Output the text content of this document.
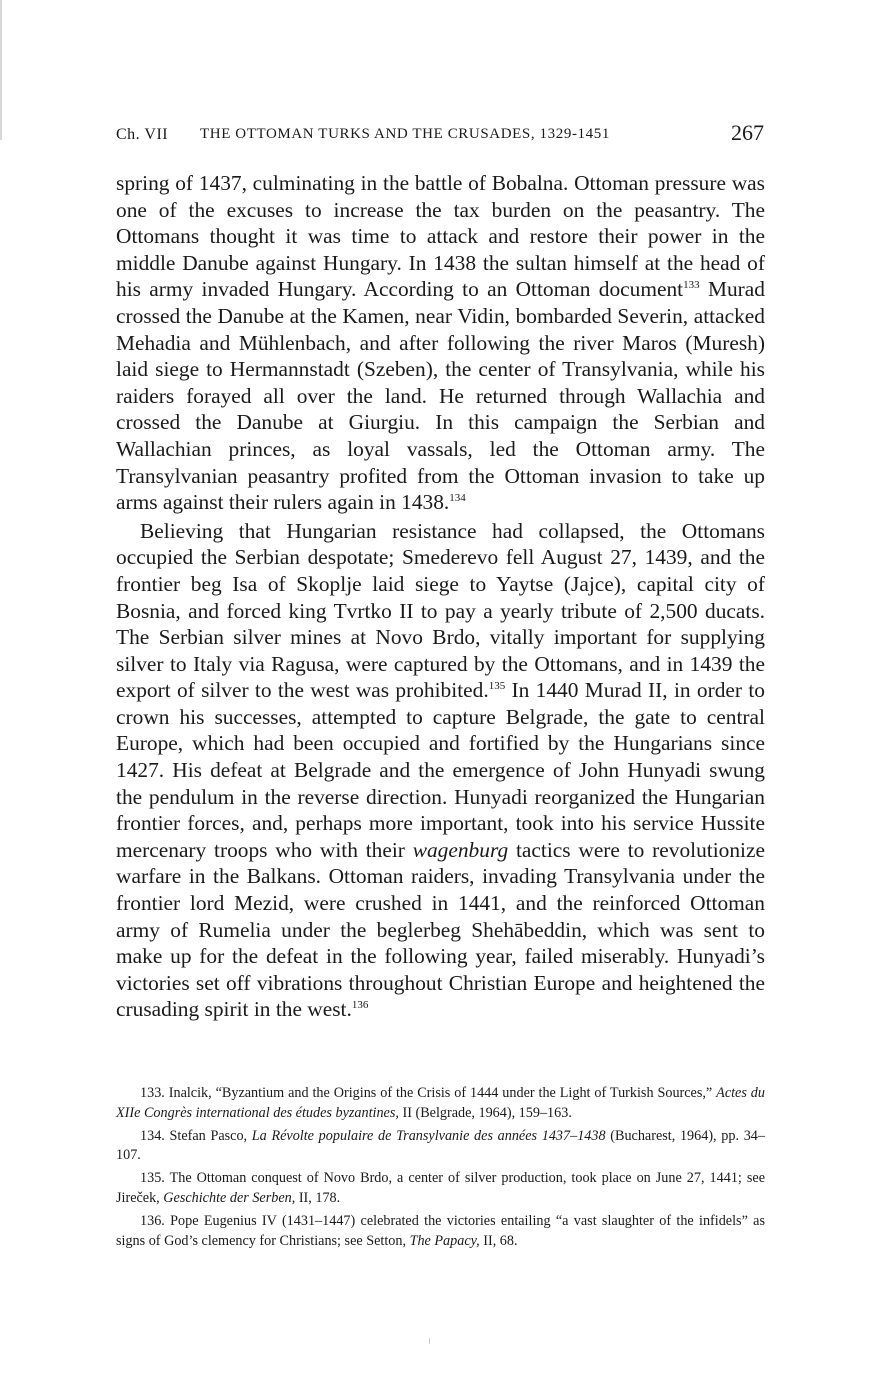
Ch. VII THE OTTOMAN TURKS AND THE CRUSADES, 1329-1451	267

spring of 1437, culminating in the battle of Bobalna. Ottoman pressure was one of the excuses to increase the tax burden on the peasantry. The Ottomans thought it was time to attack and restore their power in the middle Danube against Hungary. In 1438 the sultan himself at the head of his army invaded Hungary. According to an Ottoman document$^{133}$ Murad crossed the Danube at the Kamen, near Vidin, bombarded Severin, attacked Mehadia and Mühlenbach, and after following the river Maros (Muresh) laid siege to Hermannstadt (Szeben), the center of Transylvania, while his raiders forayed all over the land. He returned through Wallachia and crossed the Danube at Giurgiu. In this campaign the Serbian and Wallachian princes, as loyal vassals, led the Ottoman army. The Transylvanian peasantry profited from the Ottoman invasion to take up arms against their rulers again in 1438.$^{134}$

Believing that Hungarian resistance had collapsed, the Ottomans occupied the Serbian despotate; Smederevo fell August 27, 1439, and the frontier beg Isa of Skoplje laid siege to Yaytse (Jajce), capital city of Bosnia, and forced king Tvrtko II to pay a yearly tribute of 2,500 ducats. The Serbian silver mines at Novo Brdo, vitally important for supplying silver to Italy via Ragusa, were captured by the Ottomans, and in 1439 the export of silver to the west was prohibited.$^{135}$ In 1440 Murad II, in order to crown his successes, attempted to capture Belgrade, the gate to central Europe, which had been occupied and fortified by the Hungarians since 1427. His defeat at Belgrade and the emergence of John Hunyadi swung the pendulum in the reverse direction. Hunyadi reorganized the Hungarian frontier forces, and, perhaps more important, took into his service Hussite mercenary troops who with their wagenburg tactics were to revolutionize warfare in the Balkans. Ottoman raiders, invading Transylvania under the frontier lord Mezid, were crushed in 1441, and the reinforced Ottoman army of Rumelia under the beglerbeg Shehābeddin, which was sent to make up for the defeat in the following year, failed miserably. Hunyadi’s victories set off vibrations throughout Christian Europe and heightened the crusading spirit in the west.$^{136}$

133. Inalcik, “Byzantium and the Origins of the Crisis of 1444 under the Light of Turkish Sources,” Actes du XIIe Congrès international des études byzantines, II (Belgrade, 1964), 159–163.

134. Stefan Pasco, La Révolte populaire de Transylvanie des années 1437–1438 (Bucharest, 1964), pp. 34–107.

135. The Ottoman conquest of Novo Brdo, a center of silver production, took place on June 27, 1441; see Jireček, Geschichte der Serben, II, 178.

136. Pope Eugenius IV (1431–1447) celebrated the victories entailing “a vast slaughter of the infidels” as signs of God’s clemency for Christians; see Setton, The Papacy, II, 68.
